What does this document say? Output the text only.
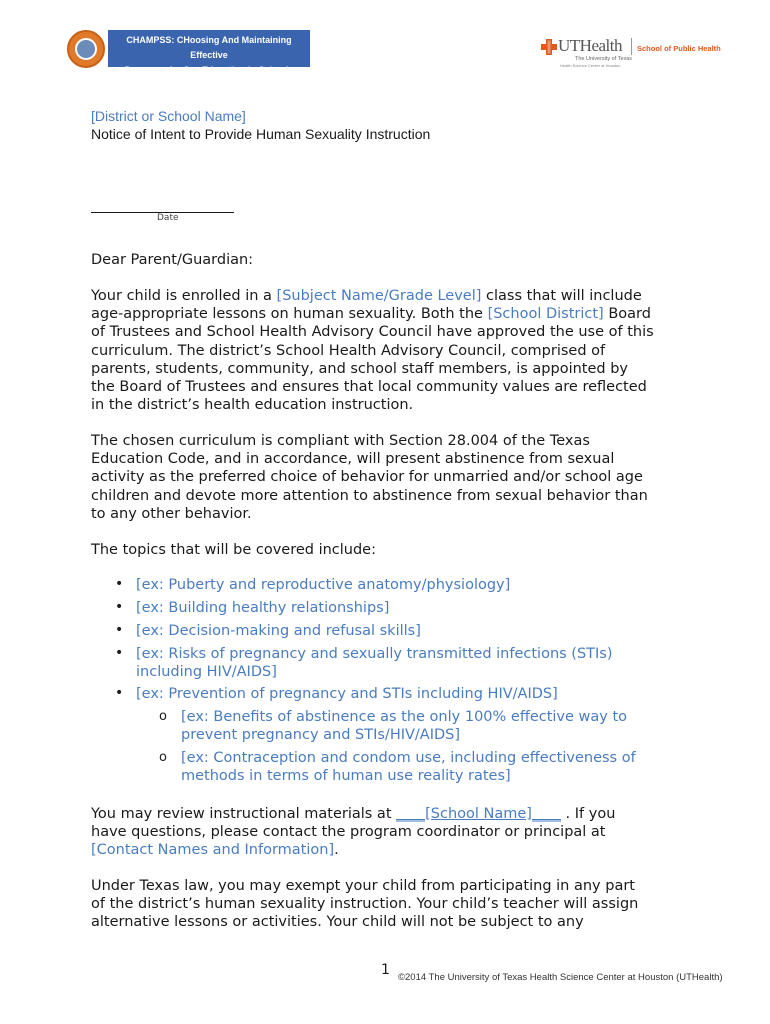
CHAMPSS: CHoosing And Maintaining Effective
Programs for Sex Education in Schools
UTHealth School of Public Health
The University of Texas
Health Science Center at Houston
[District or School Name]
Notice of Intent to Provide Human Sexuality Instruction
Date
Dear Parent/Guardian:
Your child is enrolled in a [Subject Name/Grade Level] class that will include
age-appropriate lessons on human sexuality. Both the [School District] Board
of Trustees and School Health Advisory Council have approved the use of this
curriculum. The district’s School Health Advisory Council, comprised of
parents, students, community, and school staff members, is appointed by
the Board of Trustees and ensures that local community values are reflected
in the district’s health education instruction.
The chosen curriculum is compliant with Section 28.004 of the Texas
Education Code, and in accordance, will present abstinence from sexual
activity as the preferred choice of behavior for unmarried and/or school age
children and devote more attention to abstinence from sexual behavior than
to any other behavior.
The topics that will be covered include:
• [ex: Puberty and reproductive anatomy/physiology]
• [ex: Building healthy relationships]
• [ex: Decision-making and refusal skills]
• [ex: Risks of pregnancy and sexually transmitted infections (STIs)
including HIV/AIDS]
• [ex: Prevention of pregnancy and STIs including HIV/AIDS]
o [ex: Benefits of abstinence as the only 100% effective way to
prevent pregnancy and STIs/HIV/AIDS]
o [ex: Contraception and condom use, including effectiveness of
methods in terms of human use reality rates]
You may review instructional materials at ____[School Name]____ . If you
have questions, please contact the program coordinator or principal at
[Contact Names and Information].
Under Texas law, you may exempt your child from participating in any part
of the district’s human sexuality instruction. Your child’s teacher will assign
alternative lessons or activities. Your child will not be subject to any
1 ©2014 The University of Texas Health Science Center at Houston (UTHealth)
